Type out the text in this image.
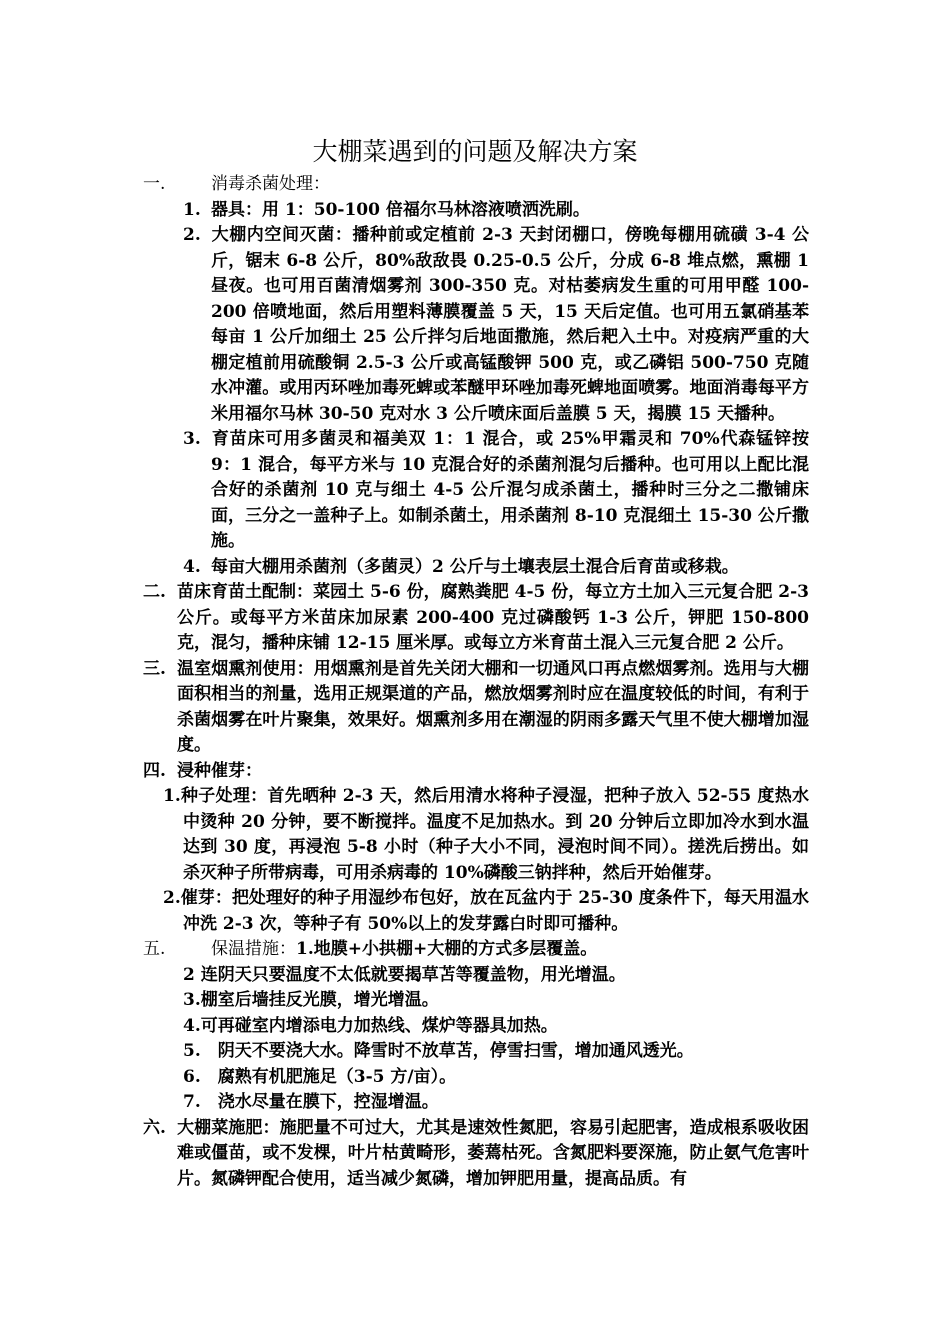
大棚菜遇到的问题及解决方案

一.	消毒杀菌处理：

1. 器具：用 1：50-100 倍福尔马林溶液喷洒洗刷。

2. 大棚内空间灭菌：播种前或定植前 2-3 天封闭棚口，傍晚每棚用硫磺 3-4 公斤，锯末 6-8 公斤，80%敌敌畏 0.25-0.5 公斤，分成 6-8 堆点燃，熏棚 1 昼夜。也可用百菌清烟雾剂 300-350 克。对枯萎病发生重的可用甲醛 100-200 倍喷地面，然后用塑料薄膜覆盖 5 天，15 天后定值。也可用五氯硝基苯每亩 1 公斤加细土 25 公斤拌匀后地面撒施，然后耙入土中。对疫病严重的大棚定植前用硫酸铜 2.5-3 公斤或高锰酸钾 500 克，或乙磷铝 500-750 克随水冲灌。或用丙环唑加毒死蜱或苯醚甲环唑加毒死蜱地面喷雾。地面消毒每平方米用福尔马林 30-50 克对水 3 公斤喷床面后盖膜 5 天，揭膜 15 天播种。

3. 育苗床可用多菌灵和福美双 1：1 混合，或 25%甲霜灵和 70%代森锰锌按 9：1 混合，每平方米与 10 克混合好的杀菌剂混匀后播种。也可用以上配比混合好的杀菌剂 10 克与细土 4-5 公斤混匀成杀菌土，播种时三分之二撒铺床面，三分之一盖种子上。如制杀菌土，用杀菌剂 8-10 克混细土 15-30 公斤撒施。

4. 每亩大棚用杀菌剂（多菌灵）2 公斤与土壤表层土混合后育苗或移栽。

二. 苗床育苗土配制：菜园土 5-6 份，腐熟粪肥 4-5 份，每立方土加入三元复合肥 2-3 公斤。或每平方米苗床加尿素 200-400 克过磷酸钙 1-3 公斤，钾肥 150-800 克，混匀，播种床铺 12-15 厘米厚。或每立方米育苗土混入三元复合肥 2 公斤。

三. 温室烟熏剂使用：用烟熏剂是首先关闭大棚和一切通风口再点燃烟雾剂。选用与大棚面积相当的剂量，选用正规渠道的产品，燃放烟雾剂时应在温度较低的时间，有利于杀菌烟雾在叶片聚集，效果好。烟熏剂多用在潮湿的阴雨多露天气里不使大棚增加湿度。

四. 浸种催芽：

1.种子处理：首先晒种 2-3 天，然后用清水将种子浸湿，把种子放入 52-55 度热水中烫种 20 分钟，要不断搅拌。温度不足加热水。到 20 分钟后立即加冷水到水温达到 30 度，再浸泡 5-8 小时（种子大小不同，浸泡时间不同）。搓洗后捞出。如杀灭种子所带病毒，可用杀病毒的 10%磷酸三钠拌种，然后开始催芽。

2.催芽：把处理好的种子用湿纱布包好，放在瓦盆内于 25-30 度条件下，每天用温水冲洗 2-3 次，等种子有 50%以上的发芽露白时即可播种。

五.	保温措施：1.地膜+小拱棚+大棚的方式多层覆盖。

2 连阴天只要温度不太低就要揭草苫等覆盖物，用光增温。

3.棚室后墙挂反光膜，增光增温。

4.可再碰室内增添电力加热线、煤炉等器具加热。

5.　阴天不要浇大水。降雪时不放草苫，停雪扫雪，增加通风透光。

6.　腐熟有机肥施足（3-5 方/亩）。

7.　浇水尽量在膜下，控湿增温。

六. 大棚菜施肥：施肥量不可过大，尤其是速效性氮肥，容易引起肥害，造成根系吸收困难或僵苗，或不发棵，叶片枯黄畸形，萎蔫枯死。含氮肥料要深施，防止氨气危害叶片。氮磷钾配合使用，适当减少氮磷，增加钾肥用量，提高品质。有
